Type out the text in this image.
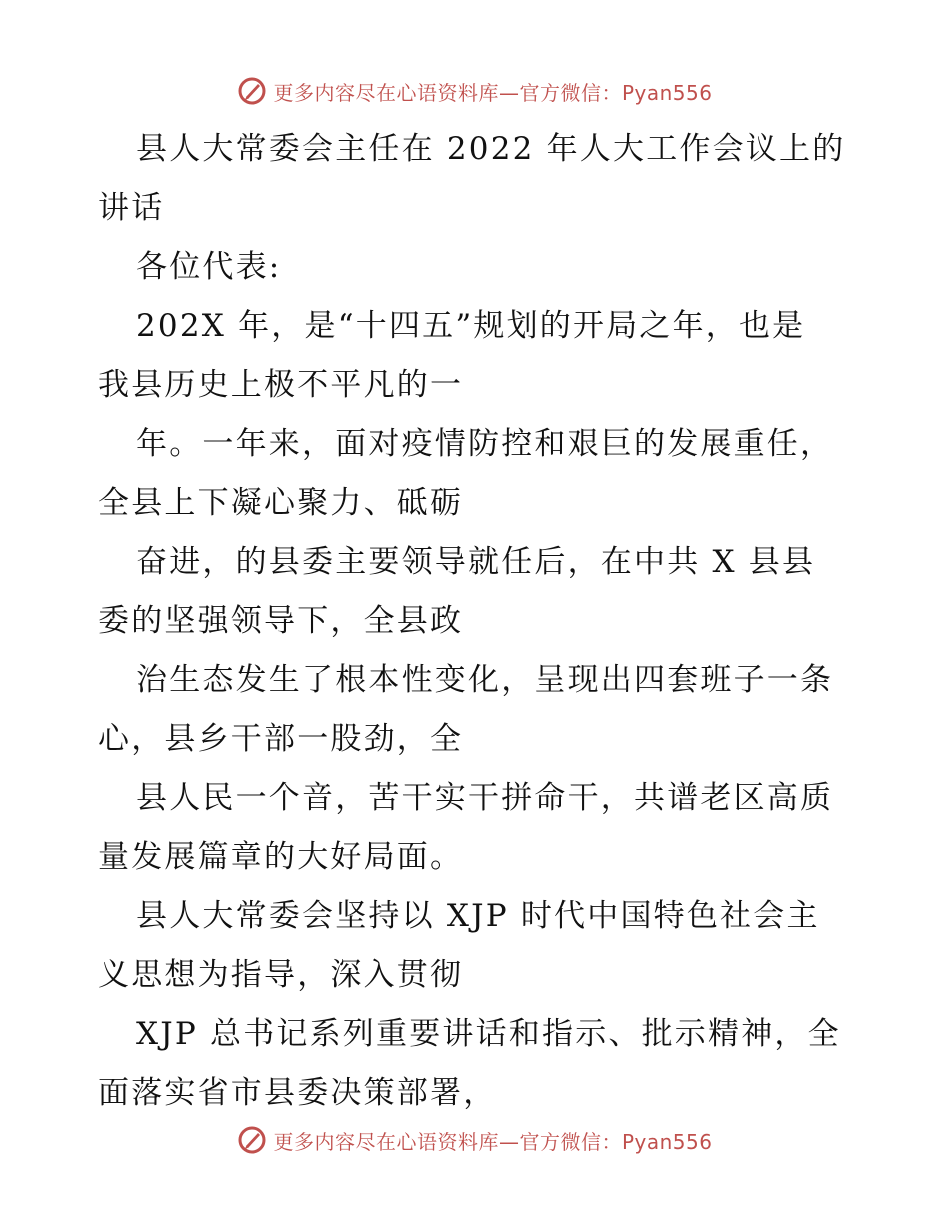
更多内容尽在心语资料库—官方微信：Pyan556

县人大常委会主任在 2022 年人大工作会议上的
讲话

各位代表:

202X 年，是“十四五”规划的开局之年，也是
我县历史上极不平凡的一

年。一年来，面对疫情防控和艰巨的发展重任，
全县上下凝心聚力、砥砺

奋进，的县委主要领导就任后，在中共 X 县县
委的坚强领导下，全县政

治生态发生了根本性变化，呈现出四套班子一条
心，县乡干部一股劲，全

县人民一个音，苦干实干拼命干，共谱老区高质
量发展篇章的大好局面。

县人大常委会坚持以 XJP 时代中国特色社会主
义思想为指导，深入贯彻

XJP 总书记系列重要讲话和指示、批示精神，全
面落实省市县委决策部署，

更多内容尽在心语资料库—官方微信：Pyan556
